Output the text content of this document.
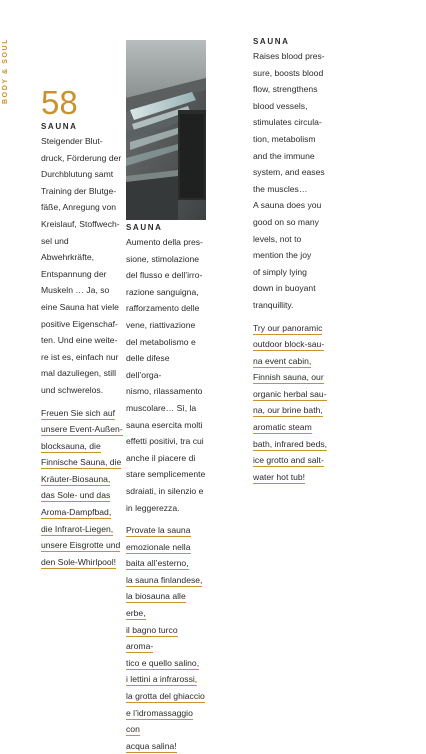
BODY & SOUL 58
SAUNA
Steigender Blut-
druck, Förderung der
Durchblutung samt
Training der Blutge-
fäße, Anregung von
Kreislauf, Stoffwech-
sel und Abwehrkräfte,
Entspannung der
Muskeln … Ja, so
eine Sauna hat viele
positive Eigenschaf-
ten. Und eine weite-
re ist es, einfach nur
mal dazuliegen, still
und schwerelos.
Freuen Sie sich auf
unsere Event-Außen-
blocksauna, die
Finnische Sauna, die
Kräuter-Biosauna,
das Sole- und das
Aroma-Dampfbad,
die Infrarot-Liegen,
unsere Eisgrotte und
den Sole-Whirlpool!
SAUNA
Aumento della pres-
sione, stimolazione
del flusso e dell’irro-
razione sanguigna,
rafforzamento delle
vene, riattivazione
del metabolismo e
delle difese dell’orga-
nismo, rilassamento
muscolare… Sì, la
sauna esercita molti
effetti positivi, tra cui
anche il piacere di
stare semplicemente
sdraiati, in silenzio e
in leggerezza.
Provate la sauna
emozionale nella
baita all’esterno,
la sauna finlandese,
la biosauna alle erbe,
il bagno turco aroma-
tico e quello salino,
i lettini a infrarossi,
la grotta del ghiaccio
e l’idromassaggio con
acqua salina!
SAUNA
Raises blood pres-
sure, boosts blood
flow, strengthens
blood vessels,
stimulates circula-
tion, metabolism
and the immune
system, and eases
the muscles…
A sauna does you
good on so many
levels, not to
mention the joy
of simply lying
down in buoyant
tranquillity.
Try our panoramic
outdoor block-sau-
na event cabin,
Finnish sauna, our
organic herbal sau-
na, our brine bath,
aromatic steam
bath, infrared beds,
ice grotto and salt-
water hot tub!
